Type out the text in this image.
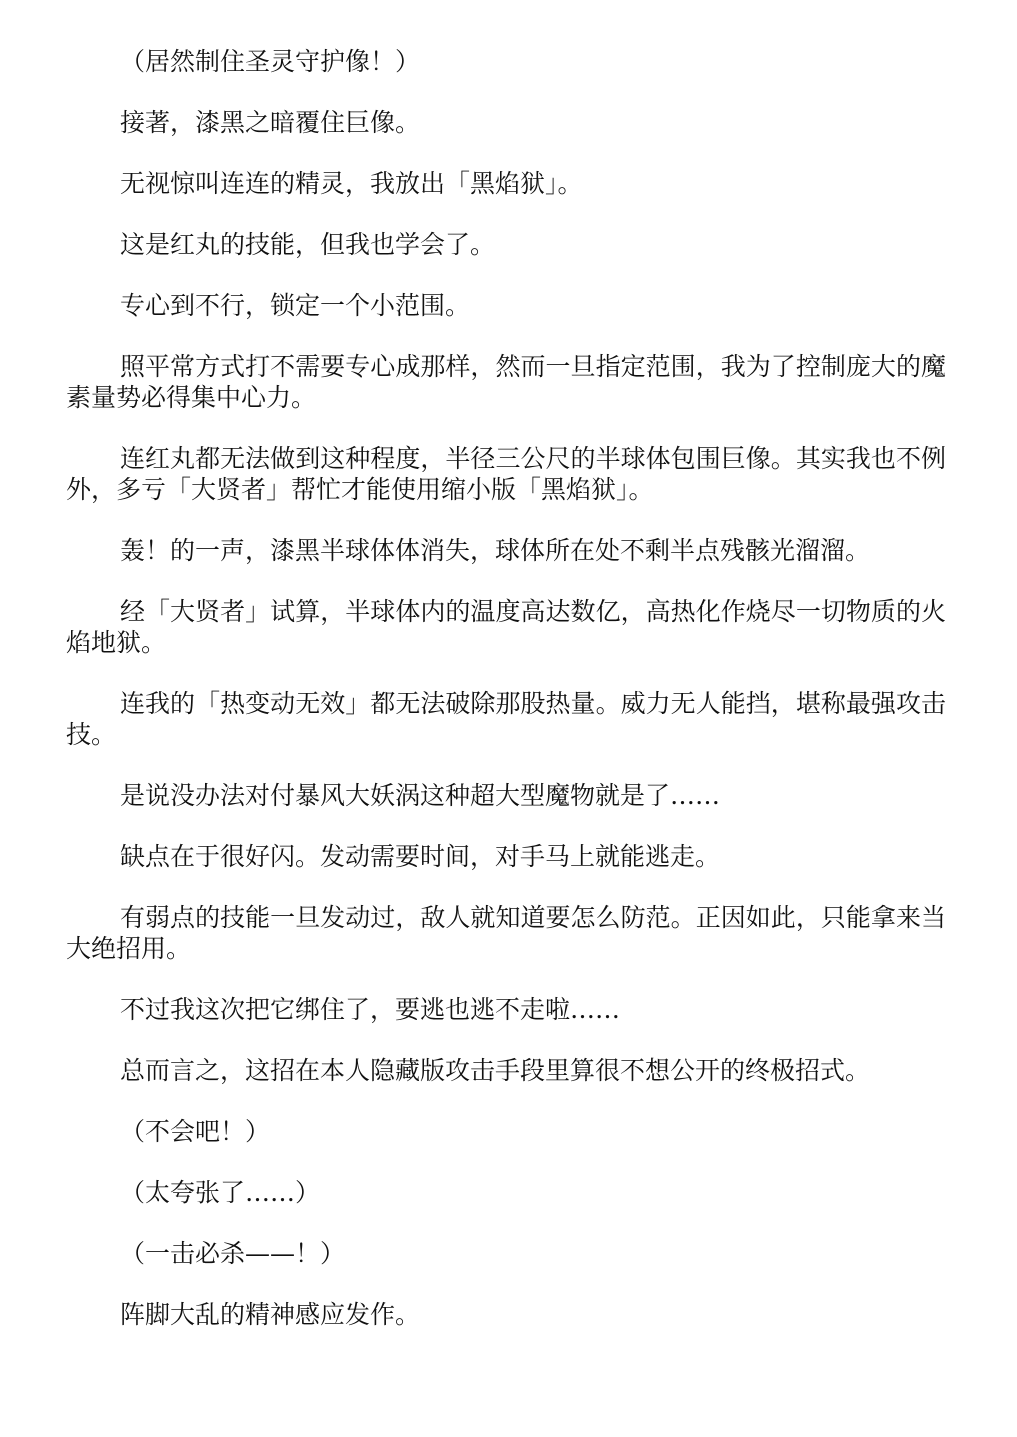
（居然制住圣灵守护像！）

接著，漆黑之暗覆住巨像。

无视惊叫连连的精灵，我放出「黑焰狱」。

这是红丸的技能，但我也学会了。

专心到不行，锁定一个小范围。

照平常方式打不需要专心成那样，然而一旦指定范围，我为了控制庞大的魔素量势必得集中心力。

连红丸都无法做到这种程度，半径三公尺的半球体包围巨像。其实我也不例外，多亏「大贤者」帮忙才能使用缩小版「黑焰狱」。

轰！的一声，漆黑半球体体消失，球体所在处不剩半点残骸光溜溜。

经「大贤者」试算，半球体内的温度高达数亿，高热化作烧尽一切物质的火焰地狱。

连我的「热变动无效」都无法破除那股热量。威力无人能挡，堪称最强攻击技。

是说没办法对付暴风大妖涡这种超大型魔物就是了……

缺点在于很好闪。发动需要时间，对手马上就能逃走。

有弱点的技能一旦发动过，敌人就知道要怎么防范。正因如此，只能拿来当大绝招用。

不过我这次把它绑住了，要逃也逃不走啦……

总而言之，这招在本人隐藏版攻击手段里算很不想公开的终极招式。

（不会吧！）

（太夸张了……）

（一击必杀——！）

阵脚大乱的精神感应发作。
